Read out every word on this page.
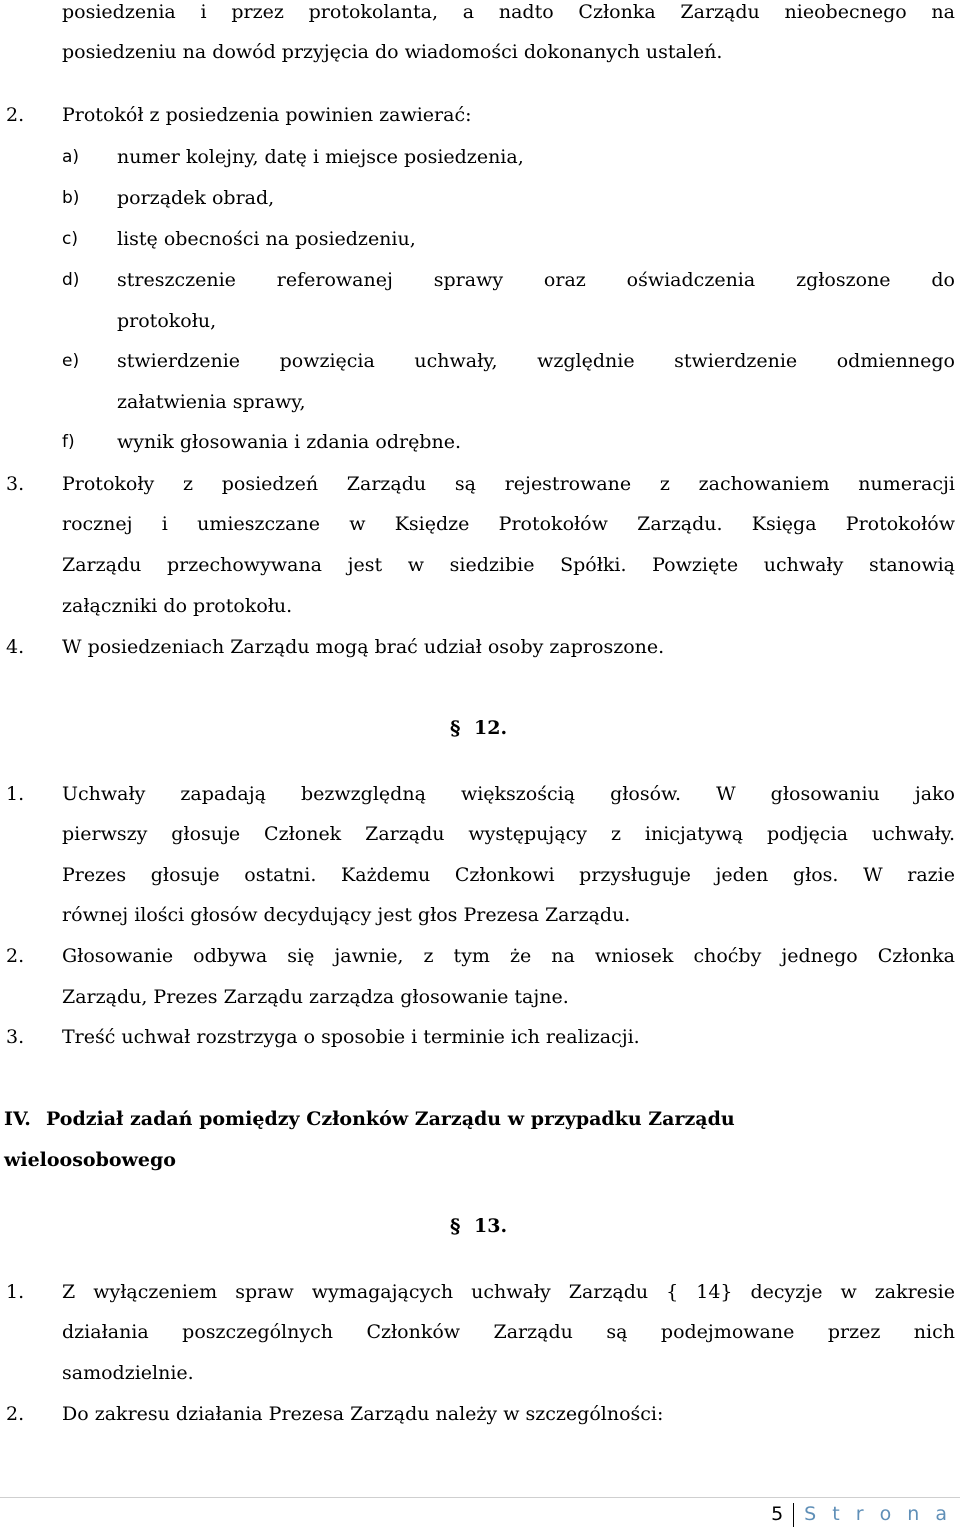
posiedzenia i przez protokolanta, a nadto Członka Zarządu nieobecnego na
posiedzeniu na dowód przyjęcia do wiadomości dokonanych ustaleń.
2. Protokół z posiedzenia powinien zawierać:
a) numer kolejny, datę i miejsce posiedzenia,
b) porządek obrad,
c) listę obecności na posiedzeniu,
d) streszczenie referowanej sprawy oraz oświadczenia zgłoszone do
protokołu,
e) stwierdzenie powzięcia uchwały, względnie stwierdzenie odmiennego
załatwienia sprawy,
f) wynik głosowania i zdania odrębne.
3. Protokoły z posiedzeń Zarządu są rejestrowane z zachowaniem numeracji
rocznej i umieszczane w Księdze Protokołów Zarządu. Księga Protokołów
Zarządu przechowywana jest w siedzibie Spółki. Powzięte uchwały stanowią
załączniki do protokołu.
4. W posiedzeniach Zarządu mogą brać udział osoby zaproszone.
§ 12.
1. Uchwały zapadają bezwzględną większością głosów. W głosowaniu jako
pierwszy głosuje Członek Zarządu występujący z inicjatywą podjęcia uchwały.
Prezes głosuje ostatni. Każdemu Członkowi przysługuje jeden głos. W razie
równej ilości głosów decydujący jest głos Prezesa Zarządu.
2. Głosowanie odbywa się jawnie, z tym że na wniosek choćby jednego Członka
Zarządu, Prezes Zarządu zarządza głosowanie tajne.
3. Treść uchwał rozstrzyga o sposobie i terminie ich realizacji.
IV. Podział zadań pomiędzy Członków Zarządu w przypadku Zarządu
wieloosobowego
§ 13.
1. Z wyłączeniem spraw wymagających uchwały Zarządu { 14} decyzje w zakresie
działania poszczególnych Członków Zarządu są podejmowane przez nich
samodzielnie.
2. Do zakresu działania Prezesa Zarządu należy w szczególności:
5 S t r o n a
